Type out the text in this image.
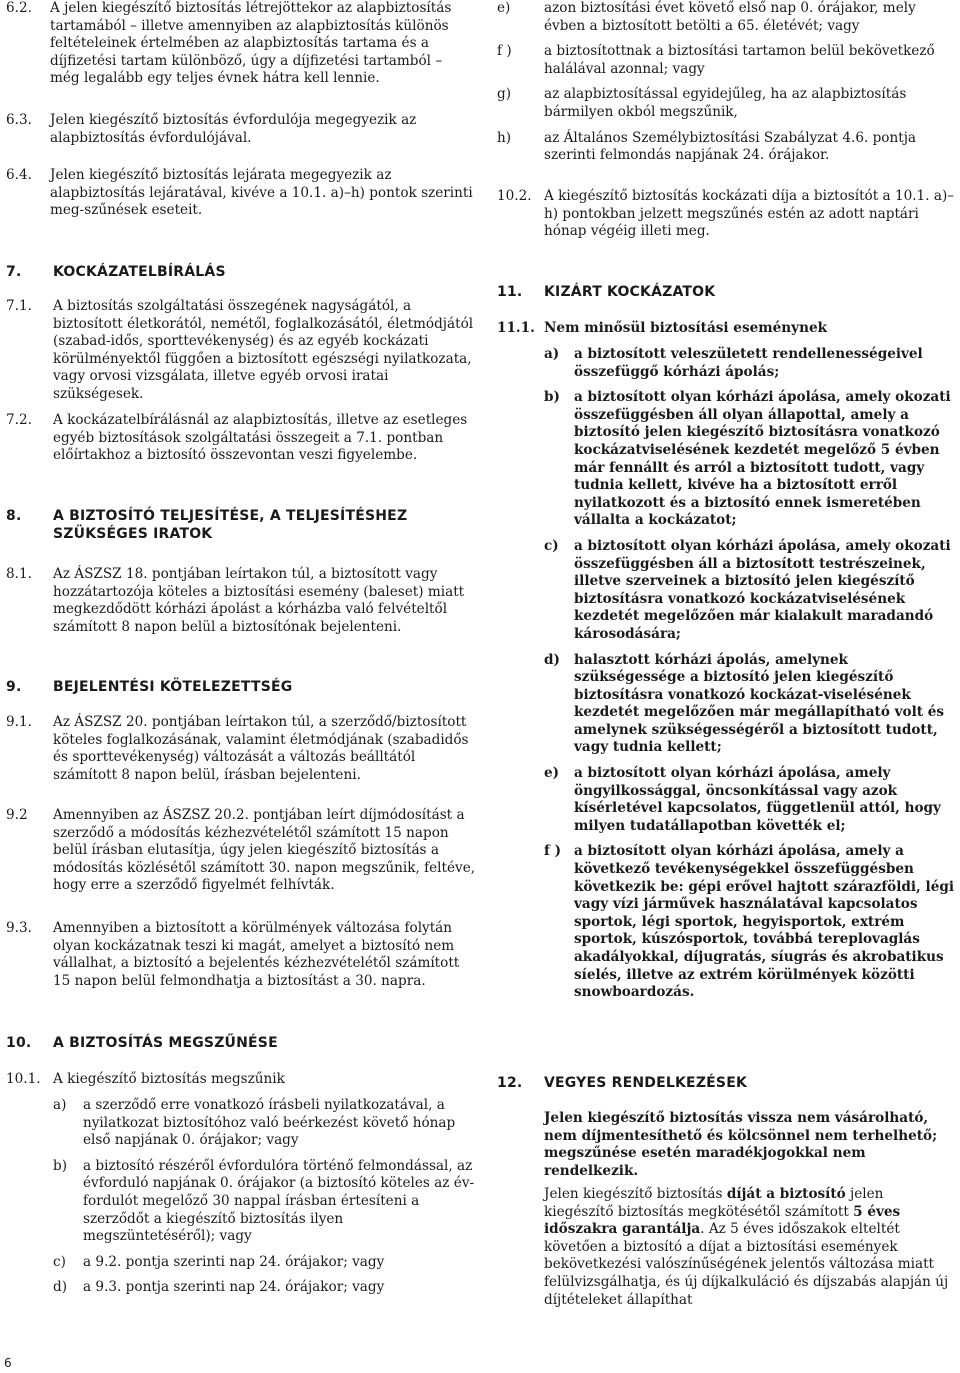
6.2.	A jelen kiegészítő biztosítás létrejöttekor az alapbiztosítás tartamából – illetve amennyiben az alapbiztosítás különös feltételeinek értelmében az alapbiztosítás tartama és a díjfizetési tartam különböző, úgy a díjfizetési tartamból – még legalább egy teljes évnek hátra kell lennie.
6.3.	Jelen kiegészítő biztosítás évfordulója megegyezik az alapbiztosítás évfordulójával.
6.4.	Jelen kiegészítő biztosítás lejárata megegyezik az alapbiztosítás lejáratával, kivéve a 10.1. a)–h) pontok szerinti meg-szűnések eseteit.
7.	KOCKÁZATELBÍRÁLÁS
7.1.	A biztosítás szolgáltatási összegének nagyságától, a biztosított életkorától, nemétől, foglalkozásától, életmódjától (szabad-idős, sporttevékenység) és az egyéb kockázati körülményektől függően a biztosított egészségi nyilatkozata, vagy orvosi vizsgálata, illetve egyéb orvosi iratai szükségesek.
7.2.	A kockázatelbírálásnál az alapbiztosítás, illetve az esetleges egyéb biztosítások szolgáltatási összegeit a 7.1. pontban előírtakhoz a biztosító összevontan veszi figyelembe.
8.	A BIZTOSÍTÓ TELJESÍTÉSE, A TELJESÍTÉSHEZ
SZÜKSÉGES IRATOK
8.1.	Az ÁSZSZ 18. pontjában leírtakon túl, a biztosított vagy hozzátartozója köteles a biztosítási esemény (baleset) miatt megkezdődött kórházi ápolást a kórházba való felvételtől számított 8 napon belül a biztosítónak bejelenteni.
9.	BEJELENTÉSI KÖTELEZETTSÉG
9.1.	Az ÁSZSZ 20. pontjában leírtakon túl, a szerződő/biztosított köteles foglalkozásának, valamint életmódjának (szabadidős és sporttevékenység) változását a változás beálltától számított 8 napon belül, írásban bejelenteni.
9.2	Amennyiben az ÁSZSZ 20.2. pontjában leírt díjmódosítást a szerződő a módosítás kézhezvételétől számított 15 napon belül írásban elutasítja, úgy jelen kiegészítő biztosítás a módosítás közlésétől számított 30. napon megszűnik, feltéve, hogy erre a szerződő figyelmét felhívták.
9.3.	Amennyiben a biztosított a körülmények változása folytán olyan kockázatnak teszi ki magát, amelyet a biztosító nem vállalhat, a biztosító a bejelentés kézhezvételétől számított 15 napon belül felmondhatja a biztosítást a 30. napra.
10.	A BIZTOSÍTÁS MEGSZŰNÉSE
10.1. A kiegészítő biztosítás megszűnik
a)	a szerződő erre vonatkozó írásbeli nyilatkozatával, a nyilatkozat biztosítóhoz való beérkezést követő hónap első napjának 0. órájakor; vagy
b)	a biztosító részéről évfordulóra történő felmondással, az évforduló napjának 0. órájakor (a biztosító köteles az év-fordulót megelőző 30 nappal írásban értesíteni a szerződőt a kiegészítő biztosítás ilyen megszüntetéséről); vagy
c)	a 9.2. pontja szerinti nap 24. órájakor; vagy
d)	a 9.3. pontja szerinti nap 24. órájakor; vagy
e)	azon biztosítási évet követő első nap 0. órájakor, mely évben a biztosított betölti a 65. életévét; vagy
f )	a biztosítottnak a biztosítási tartamon belül bekövetkező halálával azonnal; vagy
g)	az alapbiztosítással egyidejűleg, ha az alapbiztosítás bármilyen okból megszűnik,
h)	az Általános Személybiztosítási Szabályzat 4.6. pontja szerinti felmondás napjának 24. órájakor.
10.2. A kiegészítő biztosítás kockázati díja a biztosítót a 10.1. a)–h) pontokban jelzett megszűnés estén az adott naptári hónap végéig illeti meg.
11.	KIZÁRT KOCKÁZATOK
11.1. Nem minősül biztosítási eseménynek
a)	a biztosított veleszületett rendellenességeivel összefüggő kórházi ápolás;
b)	a biztosított olyan kórházi ápolása, amely okozati összefüggésben áll olyan állapottal, amely a biztosító jelen kiegészítő biztosításra vonatkozó kockázatviselésének kezdetét megelőző 5 évben már fennállt és arról a biztosított tudott, vagy tudnia kellett, kivéve ha a biztosított erről nyilatkozott és a biztosító ennek ismeretében vállalta a kockázatot;
c)	a biztosított olyan kórházi ápolása, amely okozati összefüggésben áll a biztosított testrészeinek, illetve szerveinek a biztosító jelen kiegészítő biztosításra vonatkozó kockázatviselésének kezdetét megelőzően már kialakult maradandó károsodására;
d)	halasztott kórházi ápolás, amelynek szükségessége a biztosító jelen kiegészítő biztosításra vonatkozó kockázat-viselésének kezdetét megelőzően már megállapítható volt és amelynek szükségességéről a biztosított tudott, vagy tudnia kellett;
e)	a biztosított olyan kórházi ápolása, amely öngyilkossággal, öncsonkítással vagy azok kísérletével kapcsolatos, függetlenül attól, hogy milyen tudatállapotban követték el;
f ) a biztosított olyan kórházi ápolása, amely a következő tevékenységekkel összefüggésben következik be: gépi erővel hajtott szárazföldi, légi vagy vízi járművek használatával kapcsolatos sportok, légi sportok, hegyisportok, extrém sportok, kúszósportok, továbbá tereplovaglás akadályokkal, díjugratás, síugrás és akrobatikus síelés, illetve az extrém körülmények közötti snowboardozás.
12.	VEGYES RENDELKEZÉSEK
Jelen kiegészítő biztosítás vissza nem vásárolható, nem díjmentesíthető és kölcsönnel nem terhelhető; megszűnése esetén maradékjogokkal nem rendelkezik.
Jelen kiegészítő biztosítás díját a biztosító jelen kiegészítő biztosítás megkötésétől számított 5 éves időszakra garantálja. Az 5 éves időszakok elteltét követően a biztosító a díjat a biztosítási események bekövetkezési valószínűségének jelentős változása miatt felülvizsgálhatja, és új díjkalkuláció és díjszabás alapján új díjtételeket állapíthat
6
